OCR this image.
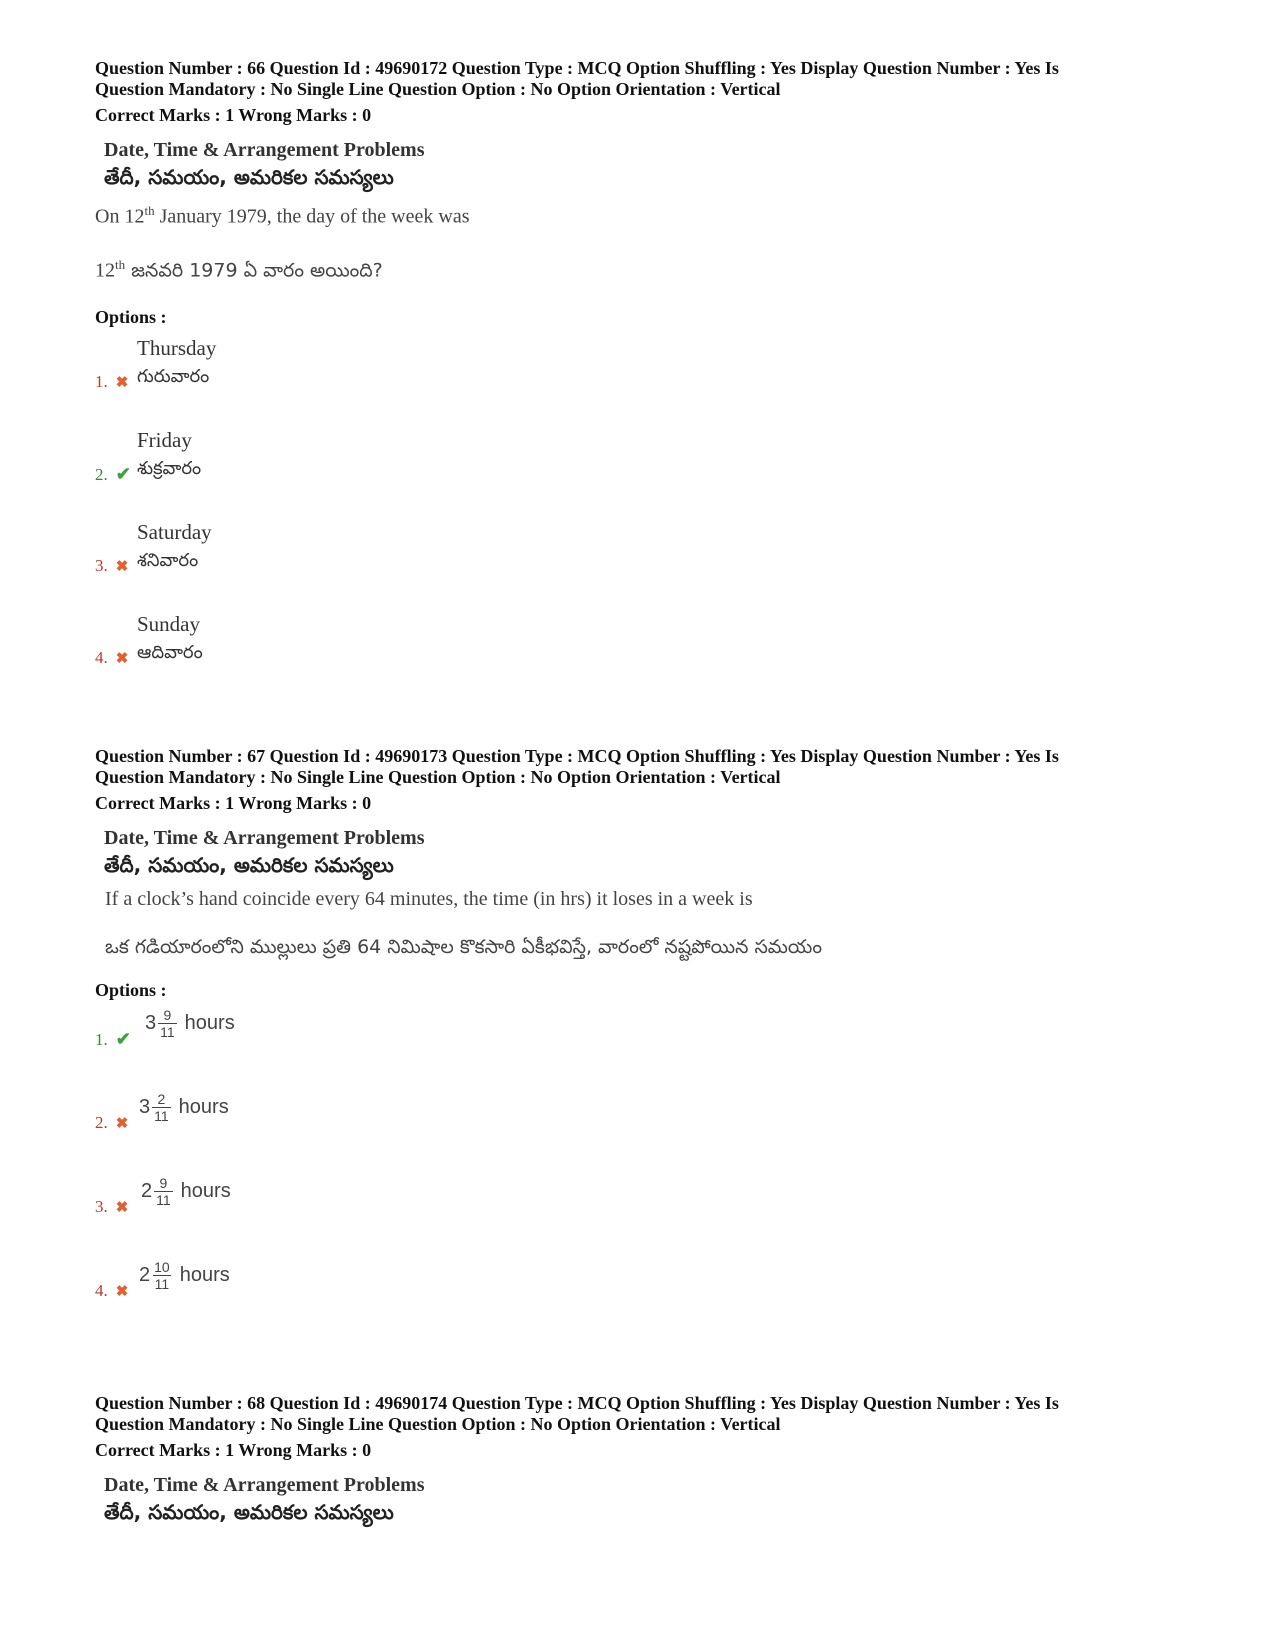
Question Number : 66 Question Id : 49690172 Question Type : MCQ Option Shuffling : Yes Display Question Number : Yes Is

Question Mandatory : No Single Line Question Option : No Option Orientation : Vertical

Correct Marks : 1 Wrong Marks : 0

Date, Time & Arrangement Problems
తేదీ, సమయం, అమరికల సమస్యలు
On 12th January 1979, the day of the week was
12th జనవరి 1979 ఏ వారం అయింది?
Options :
Thursday
గురువారం
1. ✖
Friday
శుక్రవారం
2. ✔
Saturday
శనివారం
3. ✖
Sunday
ఆదివారం
4. ✖

Question Number : 67 Question Id : 49690173 Question Type : MCQ Option Shuffling : Yes Display Question Number : Yes Is

Question Mandatory : No Single Line Question Option : No Option Orientation : Vertical

Correct Marks : 1 Wrong Marks : 0

Date, Time & Arrangement Problems
తేదీ, సమయం, అమరికల సమస్యలు
If a clock’s hand coincide every 64 minutes, the time (in hrs) it loses in a week is
ఒక గడియారంలోని ముల్లులు ప్రతి 64 నిమిషాల కొకసారి ఏకీభవిస్తే, వారంలో నష్టపోయిన సమయం
Options :
$3 \frac{9}{11}$ hours
1. ✔
$3 \frac{2}{11}$ hours
2. ✖
$2 \frac{9}{11}$ hours
3. ✖
$2 \frac{10}{11}$ hours
4. ✖

Question Number : 68 Question Id : 49690174 Question Type : MCQ Option Shuffling : Yes Display Question Number : Yes Is

Question Mandatory : No Single Line Question Option : No Option Orientation : Vertical

Correct Marks : 1 Wrong Marks : 0

Date, Time & Arrangement Problems
తేదీ, సమయం, అమరికల సమస్యలు
